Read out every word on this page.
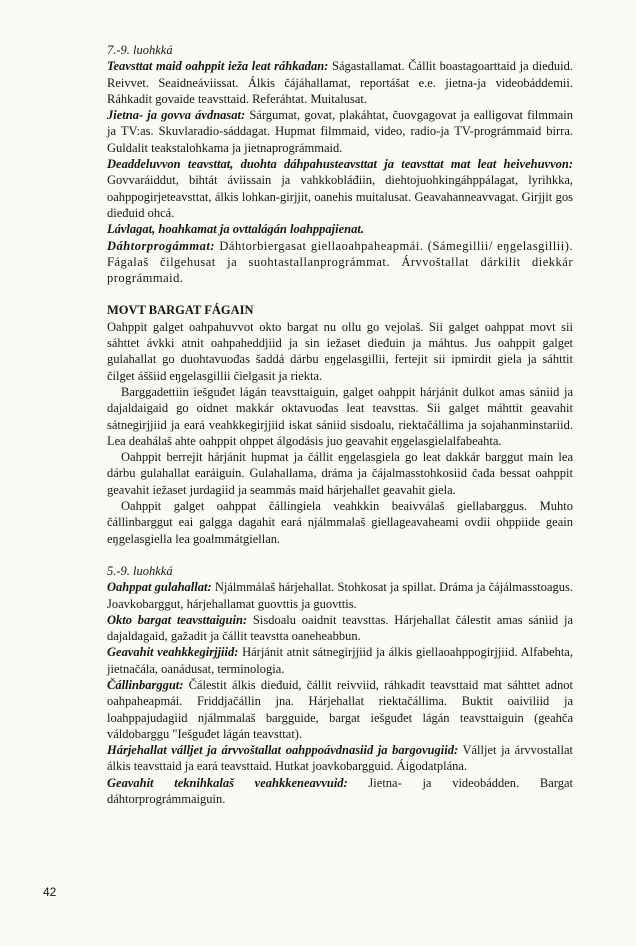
7.-9. luohkká

Teavsttat maid oahppit ieža leat ráhkadan: Ságastallamat. Čállit boastagoarttaid ja dieđuid. Reivvet. Seaidneáviissat. Álkis čájáhallamat, reportášat e.e. jietna-ja videobáddemii. Ráhkadit govaide teavsttaid. Referáhtat. Muitalusat.

Jietna- ja govva ávdnasat: Sárgumat, govat, plakáhtat, čuovgagovat ja ealligovat filmmain ja TV:as. Skuvlaradio-sáddagat. Hupmat filmmaid, video, radio-ja TV-prográmmaid birra. Guldalit teakstalohkama ja jietnaprográmmaid.

Deaddeluvvon teavsttat, duohta dáhpahusteavsttat ja teavsttat mat leat heivehuvvon: Govvaráiddut, bihtát áviissain ja vahkkobláđiin, diehtojuohkingáhppálagat, lyrihkka, oahppogirjeteavsttat, álkis lohkan-girjjit, oanehis muitalusat. Geavahanneavvagat. Girjjit gos dieđuid ohcá.

Lávlagat, hoahkamat ja ovttalágán loahppajienat.

Dáhtorprogámmat: Dáhtorbiergasat giellaoahpaheapmái. (Sámegillii/ eŋgelasgillii). Fágalaš čilgehusat ja suohtastallanprográmmat. Árvvoštallat dárkilit diekkár prográmmaid.

MOVT BARGAT FÁGAIN

Oahppit galget oahpahuvvot okto bargat nu ollu go vejolaš. Sii galget oahppat movt sii sáhttet ávkki atnit oahpaheddjiid ja sin iežaset dieđuin ja máhtus. Jus oahppit galget gulahallat go duohtavuođas šaddá dárbu eŋgelasgillii, fertejit sii ipmirdit giela ja sáhttit čilget áššiid eŋgelasgillii čielgasit ja riekta.

Barggadettiin iešguđet lágán teavsttaiguin, galget oahppit hárjánit dulkot amas sániid ja dajaldaigaid go oidnet makkár oktavuođas leat teavsttas. Sii galget máhttit geavahit sátnegirjjiid ja eará veahkkegirjjiid iskat sániid sisdoalu, riektačállima ja sojahanminstariid. Lea deahálaš ahte oahppit ohppet álgodásis juo geavahit eŋgelasgielalfabeahta.

Oahppit berrejit hárjánit hupmat ja čállit eŋgelasgiela go leat dakkár barggut main lea dárbu gulahallat earáiguin. Gulahallama, dráma ja čájalmasstohkosiid čađa bessat oahppit geavahit iežaset jurdagiid ja seammás maid hárjehallet geavahit giela.

Oahppit galget oahppat čállingiela veahkkin beaivválaš giellabarggus. Muhto čállinbarggut eai galgga dagahit eará njálmmalaš giellageavaheami ovdii ohppiide geain eŋgelasgiella lea goalmmátgiellan.

5.-9. luohkká

Oahppat gulahallat: Njálmmálaš hárjehallat. Stohkosat ja spillat. Dráma ja čájálmasstoagus. Joavkobarggut, hárjehallamat guovttis ja guovttis.

Okto bargat teavsttaiguin: Sisdoalu oaidnit teavsttas. Hárjehallat čálestit amas sániid ja dajaldagaid, gažadit ja čállit teavstta oaneheabbun.

Geavahit veahkkegirjjiid: Hárjánit atnit sátnegirjjiid ja álkis giellaoahppogirjjiid. Alfabehta, jietnačála, oanádusat, terminologia.

Čállinbarggut: Čálestit álkis dieđuid, čállit reivviid, ráhkadit teavsttaid mat sáhttet adnot oahpaheapmái. Friddjačállin jna. Hárjehallat riektačállima. Buktit oaiviliid ja loahppajudagiid njálmmalaš bargguide, bargat iešguđet lágán teavsttaiguin (geahča váldobarggu "Iešguđet lágán teavsttat).

Hárjehallat válljet ja árvvoštallat oahppoávdnasiid ja bargovugiid: Válljet ja árvvostallat álkis teavsttaid ja eará teavsttaid. Hutkat joavkobargguid. Áigodatplána.

Geavahit teknihkalaš veahkkeneavvuid: Jietna- ja videobádden. Bargat dáhtorprográmmaiguin.

42
